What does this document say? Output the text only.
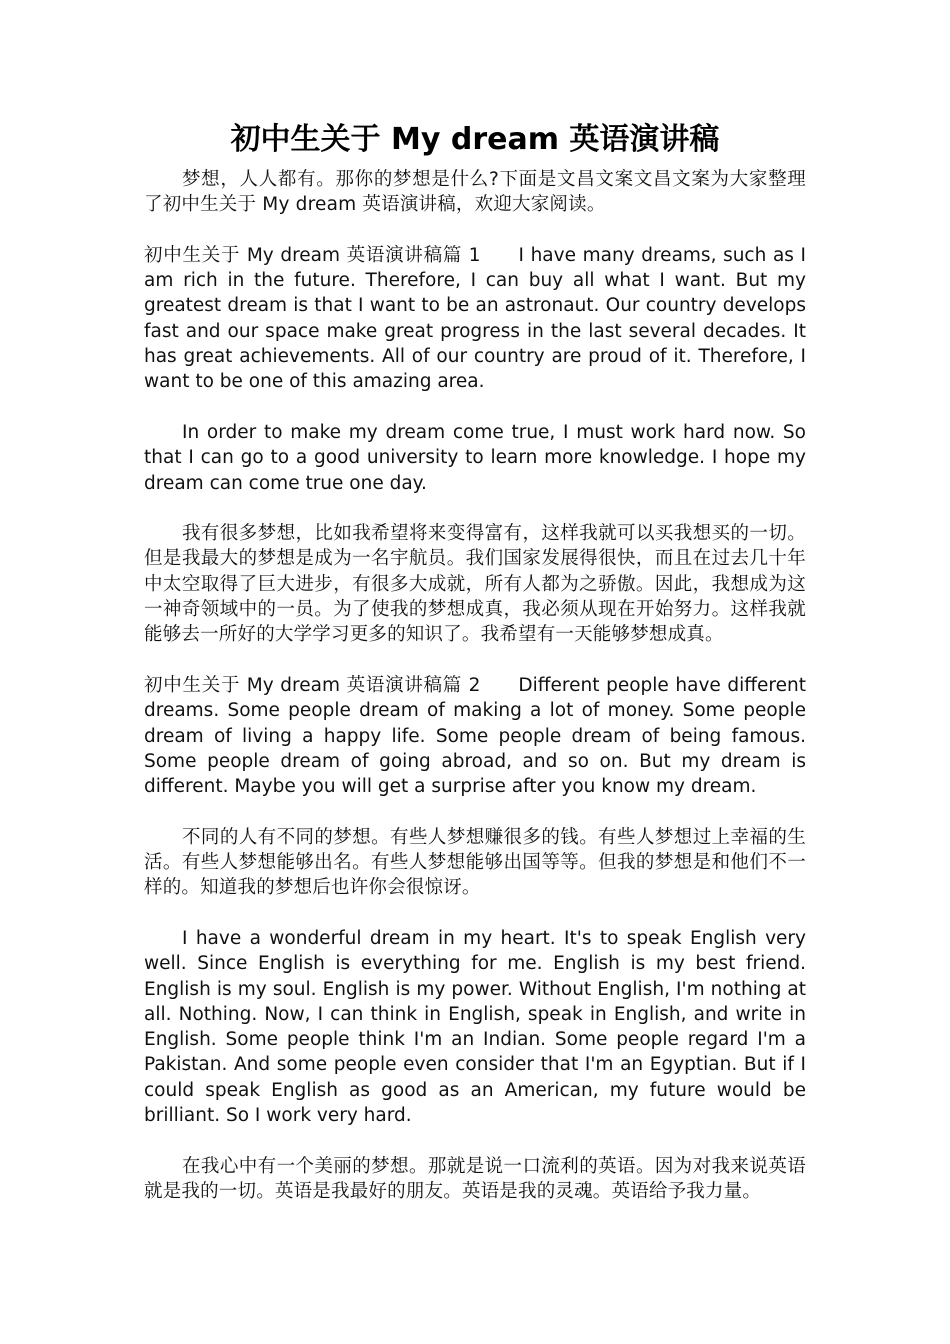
初中生关于 My dream 英语演讲稿

梦想，人人都有。那你的梦想是什么?下面是文昌文案文昌文案为大家整理了初中生关于 My dream 英语演讲稿，欢迎大家阅读。

初中生关于 My dream 英语演讲稿篇 1 I have many dreams, such as I am rich in the future. Therefore, I can buy all what I want. But my greatest dream is that I want to be an astronaut. Our country develops fast and our space make great progress in the last several decades. It has great achievements. All of our country are proud of it. Therefore, I want to be one of this amazing area.

In order to make my dream come true, I must work hard now. So that I can go to a good university to learn more knowledge. I hope my dream can come true one day.

我有很多梦想，比如我希望将来变得富有，这样我就可以买我想买的一切。但是我最大的梦想是成为一名宇航员。我们国家发展得很快，而且在过去几十年中太空取得了巨大进步，有很多大成就，所有人都为之骄傲。因此，我想成为这一神奇领域中的一员。为了使我的梦想成真，我必须从现在开始努力。这样我就能够去一所好的大学学习更多的知识了。我希望有一天能够梦想成真。

初中生关于 My dream 英语演讲稿篇 2 Different people have different dreams. Some people dream of making a lot of money. Some people dream of living a happy life. Some people dream of being famous. Some people dream of going abroad, and so on. But my dream is different. Maybe you will get a surprise after you know my dream.

不同的人有不同的梦想。有些人梦想赚很多的钱。有些人梦想过上幸福的生活。有些人梦想能够出名。有些人梦想能够出国等等。但我的梦想是和他们不一样的。知道我的梦想后也许你会很惊讶。

I have a wonderful dream in my heart. It's to speak English very well. Since English is everything for me. English is my best friend. English is my soul. English is my power. Without English, I'm nothing at all. Nothing. Now, I can think in English, speak in English, and write in English. Some people think I'm an Indian. Some people regard I'm a Pakistan. And some people even consider that I'm an Egyptian. But if I could speak English as good as an American, my future would be brilliant. So I work very hard.

在我心中有一个美丽的梦想。那就是说一口流利的英语。因为对我来说英语就是我的一切。英语是我最好的朋友。英语是我的灵魂。英语给予我力量。
